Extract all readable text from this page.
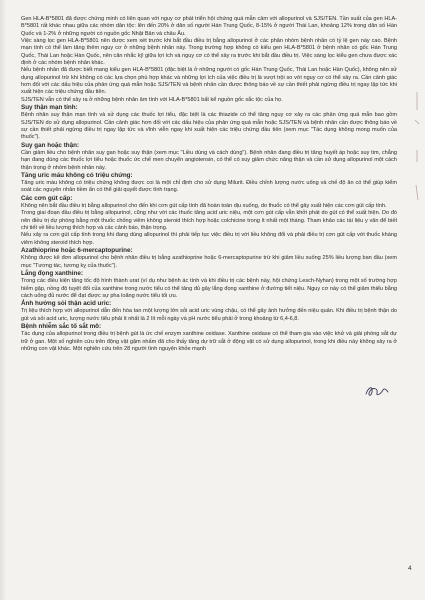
Gen HLA-B*5801 đã được chứng minh có liên quan với nguy cơ phát triển hội chứng quá mẫn cảm với allopurinol và SJS/TEN. Tần suất của gen HLA-B*5801 rất khác nhau giữa các nhóm dân tộc: lên đến 20% ở dân số người Hán Trung Quốc, 8-15% ở người Thái Lan, khoảng 12% trong dân số Hàn Quốc và 1-2% ở những người có nguồn gốc Nhật Bản và châu Âu.

Việc sàng lọc gen HLA-B*5801 nên được xem xét trước khi bắt đầu điều trị bằng allopurinol ở các phân nhóm bệnh nhân có tỷ lệ gen này cao. Bệnh mạn tính có thể làm tăng thêm nguy cơ ở những bệnh nhân này. Trong trường hợp không có kiểu gen HLA-B*5801 ở bệnh nhân có gốc Hán Trung Quốc, Thái Lan hoặc Hàn Quốc, nên cân nhắc kỹ giữa lợi ích và nguy cơ có thể xảy ra trước khi bắt đầu điều trị. Việc sàng lọc kiểu gen chưa được xác định ở các nhóm bệnh nhân khác.

Nếu bệnh nhân đã được biết mang kiểu gen HLA-B*5801 (đặc biệt là ở những người có gốc Hán Trung Quốc, Thái Lan hoặc Hàn Quốc), không nên sử dụng allopurinol trừ khi không có các lựa chọn phù hợp khác và những lợi ích của việc điều trị là vượt trội so với nguy cơ có thể xảy ra. Cần cảnh giác hơn đối với các dấu hiệu của phản ứng quá mẫn hoặc SJS/TEN và bệnh nhân cần được thông báo về sự cần thiết phải ngừng điều trị ngay lập tức khi xuất hiện các triệu chứng đầu tiên.

SJS/TEN vẫn có thể xảy ra ở những bệnh nhân âm tính với HLA-B*5801 bất kể nguồn gốc sắc tộc của họ.

Suy thận mạn tính:

Bệnh nhân suy thận mạn tính và sử dụng các thuốc lợi tiểu, đặc biệt là các thiazide có thể tăng nguy cơ xảy ra các phản ứng quá mẫn bao gồm SJS/TEN do sử dụng allopurinol. Cần cảnh giác hơn đối với các dấu hiệu của phản ứng quá mẫn hoặc SJS/TEN và bệnh nhân cần được thông báo về sự cần thiết phải ngừng điều trị ngay lập tức và vĩnh viễn ngay khi xuất hiện các triệu chứng đầu tiên (xem mục "Tác dụng không mong muốn của thuốc").

Suy gan hoặc thận:

Cần giảm liều cho bệnh nhân suy gan hoặc suy thận (xem mục "Liều dùng và cách dùng"). Bệnh nhân đang điều trị tăng huyết áp hoặc suy tim, chẳng hạn đang dùng các thuốc lợi tiểu hoặc thuốc ức chế men chuyển angiotensin, có thể có suy giảm chức năng thận và cần sử dụng allopurinol một cách thận trọng ở nhóm bệnh nhân này.

Tăng uric máu không có triệu chứng:

Tăng uric máu không có triệu chứng không được coi là một chỉ định cho sử dụng Milurit. Điều chỉnh lượng nước uống và chế độ ăn có thể giúp kiểm soát các nguyên nhân tiềm ẩn có thể giải quyết được tình trạng.

Các cơn gút cấp:

Không nên bắt đầu điều trị bằng allopurinol cho đến khi cơn gút cấp tính đã hoàn toàn dịu xuống, do thuốc có thể gây xuất hiện các cơn gút cấp tính.

Trong giai đoạn đầu điều trị bằng allopurinol, cũng như với các thuốc tăng acid uric niệu, một cơn gút cấp vẫn khởi phát do gút có thể xuất hiện. Do đó nên điều trị dự phòng bằng một thuốc chống viêm không steroid thích hợp hoặc colchicine trong ít nhất một tháng. Tham khảo các tài liệu y văn để biết chi tiết về liều lượng thích hợp và các cảnh báo, thận trọng.

Nếu xảy ra cơn gút cấp tính trong khi đang dùng allopurinol thì phải tiếp tục việc điều trị với liều không đổi và phải điều trị cơn gút cấp với thuốc kháng viêm không steroid thích hợp.

Azathioprine hoặc 6-mercaptopurine:

Không được kê đơn allopurinol cho bệnh nhân điều trị bằng azathioprine hoặc 6-mercaptopurine trừ khi giảm liều xuống 25% liều lượng ban đầu (xem mục "Tương tác, tương kỵ của thuốc").

Lắng đọng xanthine:

Trong các điều kiện tăng tốc độ hình thành urat (ví dụ như bệnh ác tính và khi điều trị các bệnh này, hội chứng Lesch-Nyhan) trong một số trường hợp hiếm gặp, nồng độ tuyệt đối của xanthine trong nước tiểu có thể tăng đủ gây lắng đọng xanthine ở đường tiết niệu. Nguy cơ này có thể giảm thiểu bằng cách uống đủ nước để đạt được sự pha loãng nước tiểu tối ưu.

Ảnh hưởng sỏi thận acid uric:

Trị liệu thích hợp với allopurinol dẫn đến hòa tan một lượng lớn sỏi acid uric vùng chậu, có thể gây ảnh hưởng đến niệu quản. Khi điều trị bệnh thận do gút và sỏi acid uric, lượng nước tiểu phải ít nhất là 2 lít mỗi ngày và pH nước tiểu phải ở trong khoảng từ 6,4-6,8.

Bệnh nhiễm sắc tố sắt mô:

Tác dụng của allopurinol trong điều trị bệnh gút là ức chế enzym xanthine oxidase. Xanthine oxidase có thể tham gia vào việc khử và giải phóng sắt dự trữ ở gan. Một số nghiên cứu trên động vật gặm nhấm đã cho thấy tăng dự trữ sắt ở động vật có sử dụng allopurinol, trong khi điều này không xảy ra ở những con vật khác. Một nghiên cứu trên 28 người tình nguyện khỏe mạnh

4
